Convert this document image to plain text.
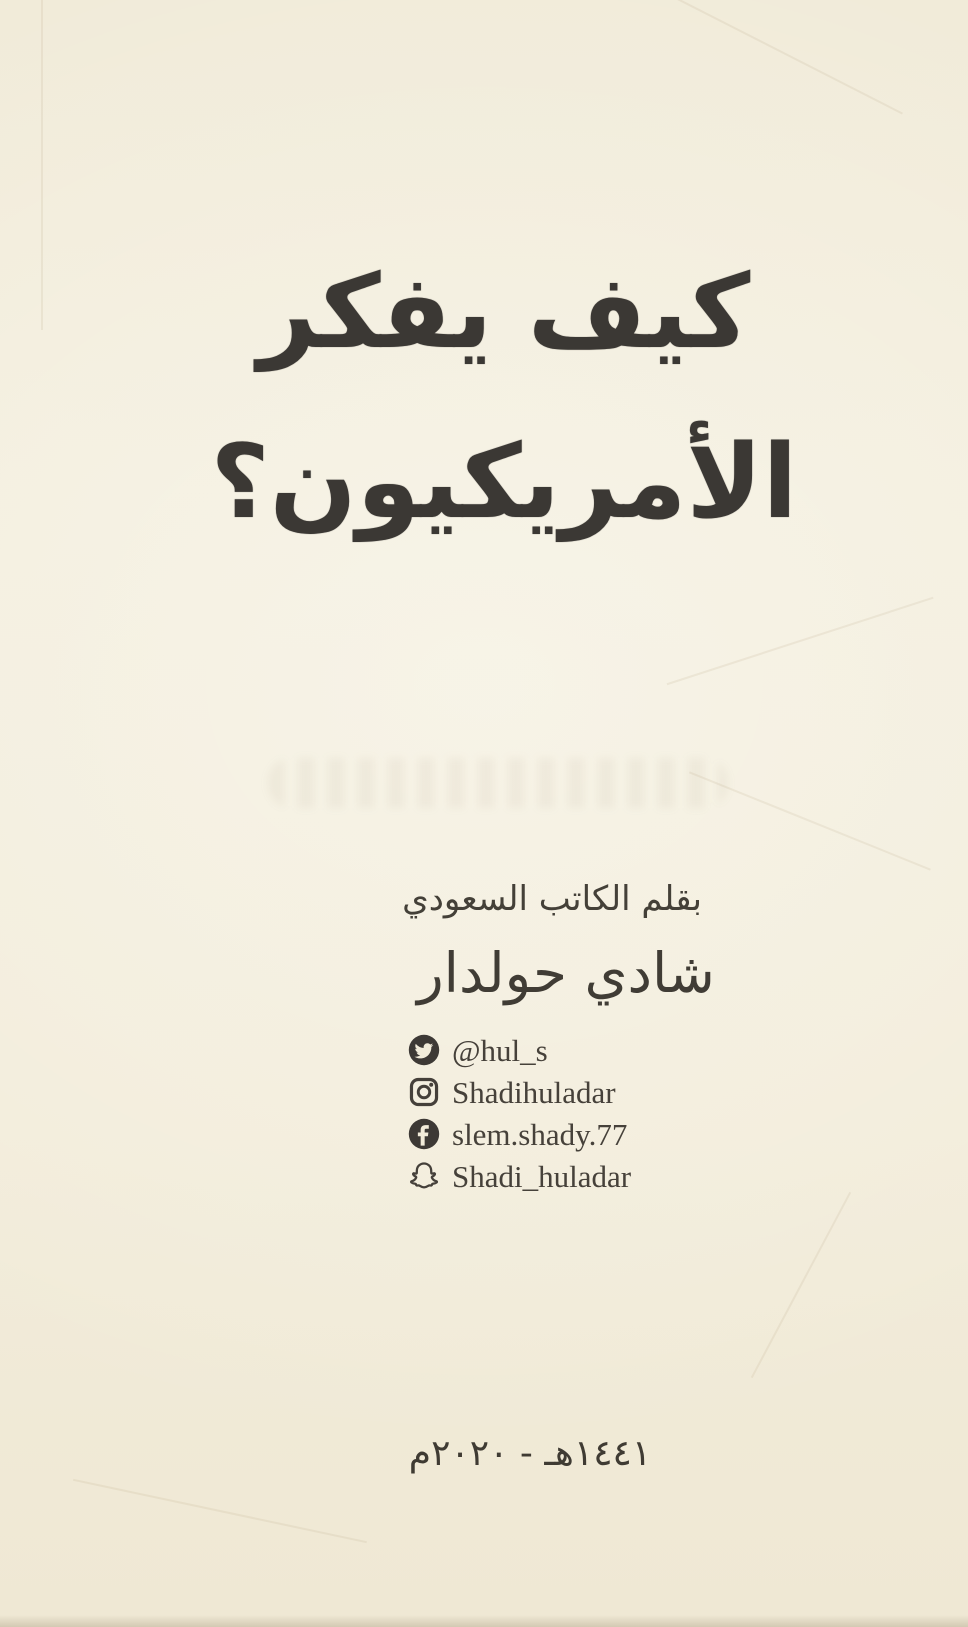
كيف يفكر
الأمريكيون؟
بقلم الكاتب السعودي
شادي حولدار
@hul_s
Shadihuladar
slem.shady.77
Shadi_huladar
١٤٤١هـ - ٢٠٢٠م
